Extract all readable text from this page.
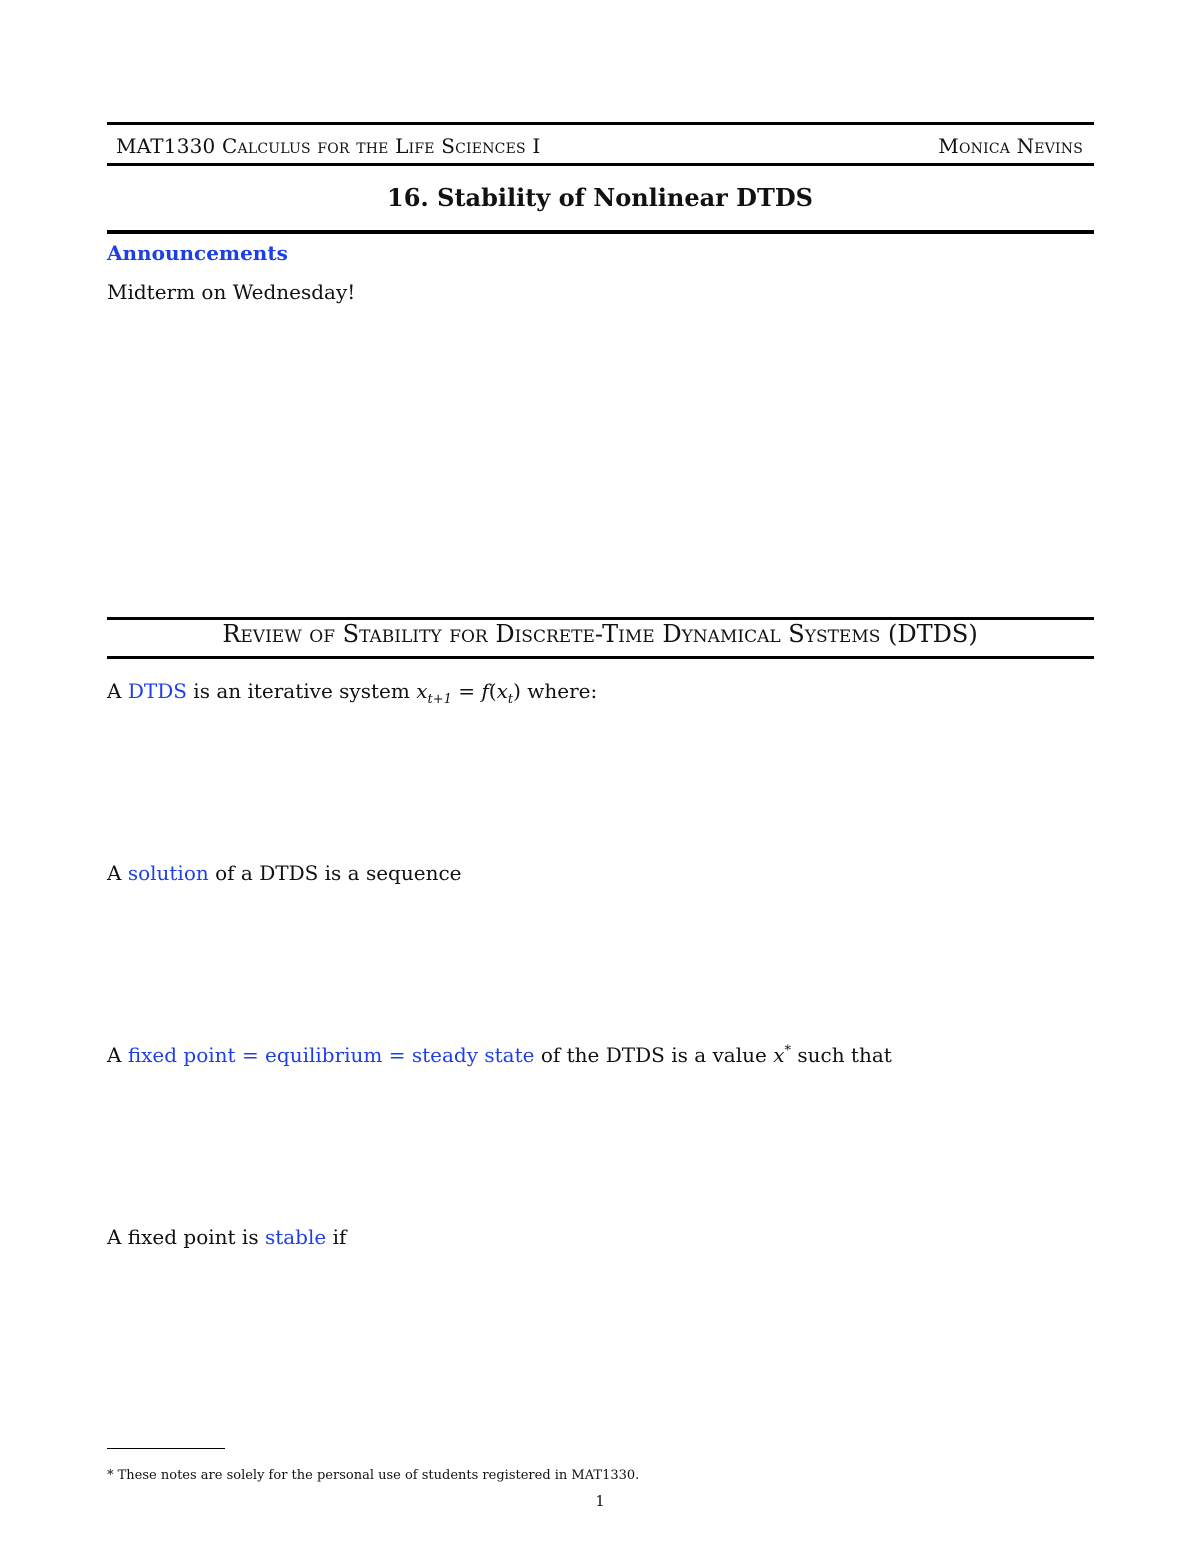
MAT1330 Calculus for the Life Sciences I	Monica Nevins
16. Stability of Nonlinear DTDS
Announcements
Midterm on Wednesday!
Review of Stability for Discrete-Time Dynamical Systems (DTDS)
A DTDS is an iterative system $x_{t+1} = f(x_t)$ where:
A solution of a DTDS is a sequence
A fixed point = equilibrium = steady state of the DTDS is a value x* such that
A fixed point is stable if
* These notes are solely for the personal use of students registered in MAT1330.
1
